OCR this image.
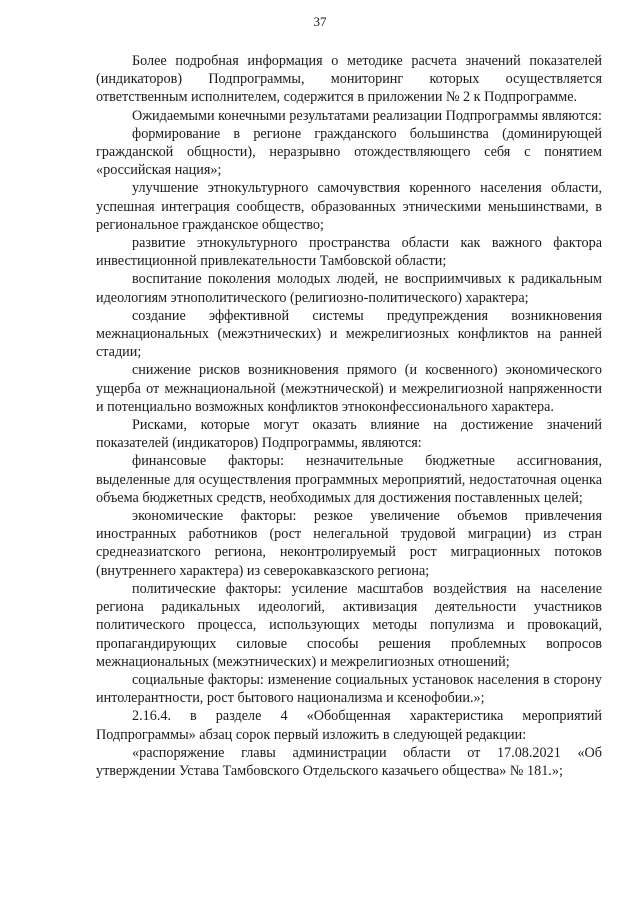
37

Более подробная информация о методике расчета значений показателей (индикаторов) Подпрограммы, мониторинг которых осуществляется ответственным исполнителем, содержится в приложении № 2 к Подпрограмме.

Ожидаемыми конечными результатами реализации Подпрограммы являются:

формирование в регионе гражданского большинства (доминирующей гражданской общности), неразрывно отождествляющего себя с понятием «российская нация»;

улучшение этнокультурного самочувствия коренного населения области, успешная интеграция сообществ, образованных этническими меньшинствами, в региональное гражданское общество;

развитие этнокультурного пространства области как важного фактора инвестиционной привлекательности Тамбовской области;

воспитание поколения молодых людей, не восприимчивых к радикальным идеологиям этнополитического (религиозно-политического) характера;

создание эффективной системы предупреждения возникновения межнациональных (межэтнических) и межрелигиозных конфликтов на ранней стадии;

снижение рисков возникновения прямого (и косвенного) экономического ущерба от межнациональной (межэтнической) и межрелигиозной напряженности и потенциально возможных конфликтов этноконфессионального характера.

Рисками, которые могут оказать влияние на достижение значений показателей (индикаторов) Подпрограммы, являются:

финансовые факторы: незначительные бюджетные ассигнования, выделенные для осуществления программных мероприятий, недостаточная оценка объема бюджетных средств, необходимых для достижения поставленных целей;

экономические факторы: резкое увеличение объемов привлечения иностранных работников (рост нелегальной трудовой миграции) из стран среднеазиатского региона, неконтролируемый рост миграционных потоков (внутреннего характера) из северокавказского региона;

политические факторы: усиление масштабов воздействия на население региона радикальных идеологий, активизация деятельности участников политического процесса, использующих методы популизма и провокаций, пропагандирующих силовые способы решения проблемных вопросов межнациональных (межэтнических) и межрелигиозных отношений;

социальные факторы: изменение социальных установок населения в сторону интолерантности, рост бытового национализма и ксенофобии.»;

2.16.4. в разделе 4 «Обобщенная характеристика мероприятий Подпрограммы» абзац сорок первый изложить в следующей редакции:

«распоряжение главы администрации области от 17.08.2021 «Об утверждении Устава Тамбовского Отдельского казачьего общества» № 181.»;
